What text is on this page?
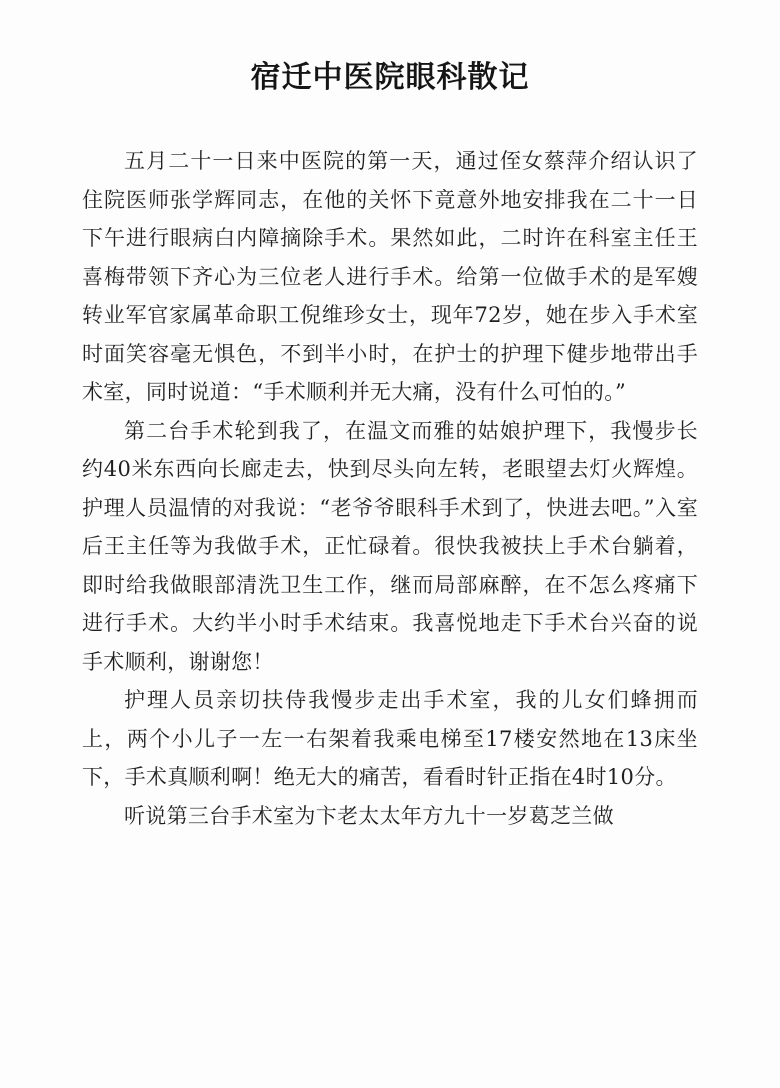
宿迁中医院眼科散记

五月二十一日来中医院的第一天，通过侄女蔡萍介绍认识了住院医师张学辉同志，在他的关怀下竟意外地安排我在二十一日下午进行眼病白内障摘除手术。果然如此，二时许在科室主任王喜梅带领下齐心为三位老人进行手术。给第一位做手术的是军嫂转业军官家属革命职工倪维珍女士，现年72岁，她在步入手术室时面笑容毫无惧色，不到半小时，在护士的护理下健步地带出手术室，同时说道：“手术顺利并无大痛，没有什么可怕的。”

第二台手术轮到我了，在温文而雅的姑娘护理下，我慢步长约40米东西向长廊走去，快到尽头向左转，老眼望去灯火辉煌。护理人员温情的对我说：“老爷爷眼科手术到了，快进去吧。”入室后王主任等为我做手术，正忙碌着。很快我被扶上手术台躺着，即时给我做眼部清洗卫生工作，继而局部麻醉，在不怎么疼痛下进行手术。大约半小时手术结束。我喜悦地走下手术台兴奋的说手术顺利，谢谢您！

护理人员亲切扶侍我慢步走出手术室，我的儿女们蜂拥而上，两个小儿子一左一右架着我乘电梯至17楼安然地在13床坐下，手术真顺利啊！绝无大的痛苦，看看时针正指在4时10分。

听说第三台手术室为卞老太太年方九十一岁葛芝兰做
